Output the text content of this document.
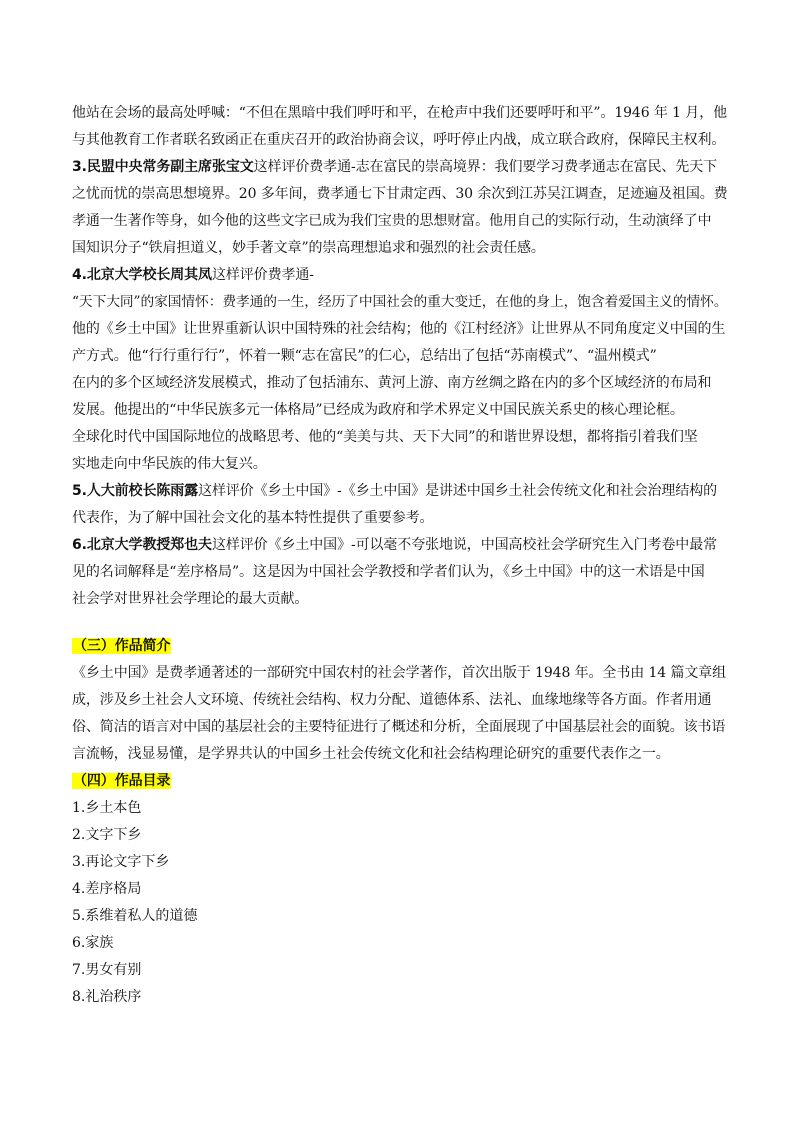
他站在会场的最高处呼喊：“不但在黑暗中我们呼吁和平，在枪声中我们还要呼吁和平”。1946 年 1 月，他
与其他教育工作者联名致函正在重庆召开的政治协商会议，呼吁停止内战，成立联合政府，保障民主权利。
3.民盟中央常务副主席张宝文这样评价费孝通-志在富民的崇高境界：我们要学习费孝通志在富民、先天下
之忧而忧的崇高思想境界。20 多年间，费孝通七下甘肃定西、30 余次到江苏吴江调查，足迹遍及祖国。费
孝通一生著作等身，如今他的这些文字已成为我们宝贵的思想财富。他用自己的实际行动，生动演绎了中
国知识分子“铁肩担道义，妙手著文章”的崇高理想追求和强烈的社会责任感。
4.北京大学校长周其凤这样评价费孝通-
“天下大同”的家国情怀：费孝通的一生，经历了中国社会的重大变迁，在他的身上，饱含着爱国主义的情怀。
他的《乡土中国》让世界重新认识中国特殊的社会结构；他的《江村经济》让世界从不同角度定义中国的生
产方式。他“行行重行行”，怀着一颗“志在富民”的仁心，总结出了包括“苏南模式”、“温州模式”
在内的多个区域经济发展模式，推动了包括浦东、黄河上游、南方丝绸之路在内的多个区域经济的布局和
发展。他提出的“中华民族多元一体格局”已经成为政府和学术界定义中国民族关系史的核心理论框。
全球化时代中国国际地位的战略思考、他的“美美与共、天下大同”的和谐世界设想，都将指引着我们坚
实地走向中华民族的伟大复兴。
5.人大前校长陈雨露这样评价《乡土中国》-《乡土中国》是讲述中国乡土社会传统文化和社会治理结构的
代表作，为了解中国社会文化的基本特性提供了重要参考。
6.北京大学教授郑也夫这样评价《乡土中国》-可以毫不夸张地说，中国高校社会学研究生入门考卷中最常
见的名词解释是“差序格局”。这是因为中国社会学教授和学者们认为，《乡土中国》中的这一术语是中国
社会学对世界社会学理论的最大贡献。
（三）作品简介
《乡土中国》是费孝通著述的一部研究中国农村的社会学著作，首次出版于 1948 年。全书由 14 篇文章组
成，涉及乡土社会人文环境、传统社会结构、权力分配、道德体系、法礼、血缘地缘等各方面。作者用通
俗、简洁的语言对中国的基层社会的主要特征进行了概述和分析，全面展现了中国基层社会的面貌。该书语
言流畅，浅显易懂，是学界共认的中国乡土社会传统文化和社会结构理论研究的重要代表作之一。
（四）作品目录
1.乡土本色
2.文字下乡
3.再论文字下乡
4.差序格局
5.系维着私人的道德
6.家族
7.男女有别
8.礼治秩序
